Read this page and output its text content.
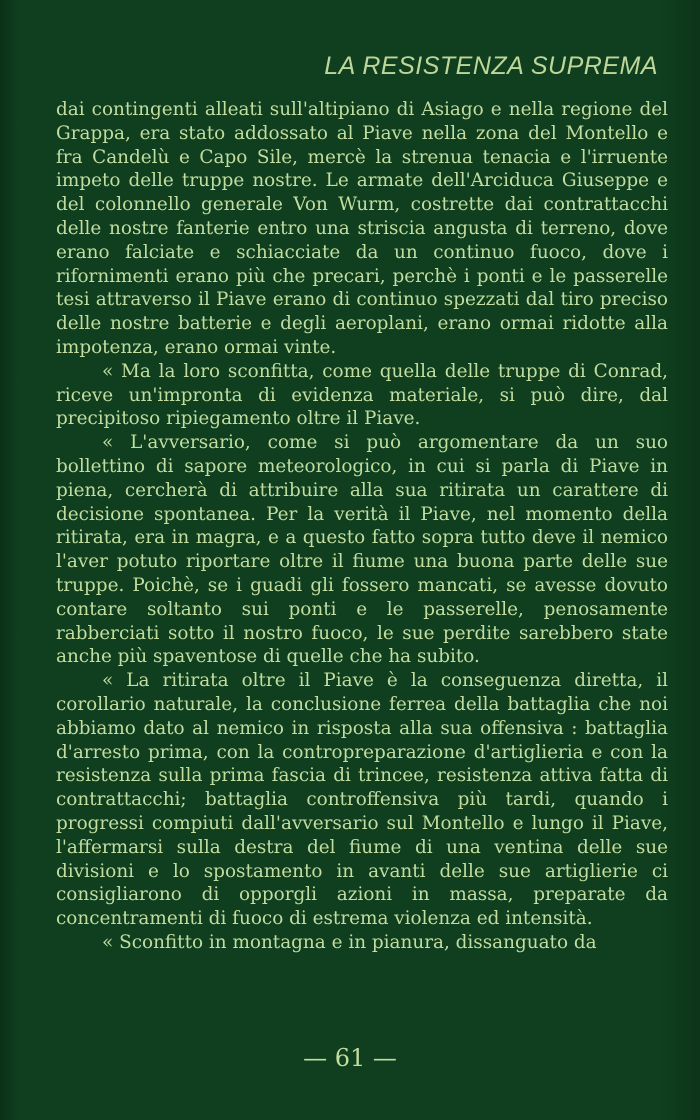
LA RESISTENZA SUPREMA

dai contingenti alleati sull'altipiano di Asiago e nella regione del Grappa, era stato addossato al Piave nella zona del Montello e fra Candelù e Capo Sile, mercè la strenua tenacia e l'irruente impeto delle truppe nostre. Le armate dell'Arciduca Giuseppe e del colonnello generale Von Wurm, costrette dai contrattacchi delle nostre fanterie entro una striscia angusta di terreno, dove erano falciate e schiacciate da un continuo fuoco, dove i rifornimenti erano più che precari, perchè i ponti e le passerelle tesi attraverso il Piave erano di continuo spezzati dal tiro preciso delle nostre batterie e degli aeroplani, erano ormai ridotte alla impotenza, erano ormai vinte.

« Ma la loro sconfitta, come quella delle truppe di Conrad, riceve un'impronta di evidenza materiale, si può dire, dal precipitoso ripiegamento oltre il Piave.

« L'avversario, come si può argomentare da un suo bollettino di sapore meteorologico, in cui si parla di Piave in piena, cercherà di attribuire alla sua ritirata un carattere di decisione spontanea. Per la verità il Piave, nel momento della ritirata, era in magra, e a questo fatto sopra tutto deve il nemico l'aver potuto riportare oltre il fiume una buona parte delle sue truppe. Poichè, se i guadi gli fossero mancati, se avesse dovuto contare soltanto sui ponti e le passerelle, penosamente rabberciati sotto il nostro fuoco, le sue perdite sarebbero state anche più spaventose di quelle che ha subito.

« La ritirata oltre il Piave è la conseguenza diretta, il corollario naturale, la conclusione ferrea della battaglia che noi abbiamo dato al nemico in risposta alla sua offensiva : battaglia d'arresto prima, con la contropreparazione d'artiglieria e con la resistenza sulla prima fascia di trincee, resistenza attiva fatta di contrattacchi; battaglia controffensiva più tardi, quando i progressi compiuti dall'avversario sul Montello e lungo il Piave, l'affermarsi sulla destra del fiume di una ventina delle sue divisioni e lo spostamento in avanti delle sue artiglierie ci consigliarono di opporgli azioni in massa, preparate da concentramenti di fuoco di estrema violenza ed intensità.

« Sconfitto in montagna e in pianura, dissanguato da

— 61 —
